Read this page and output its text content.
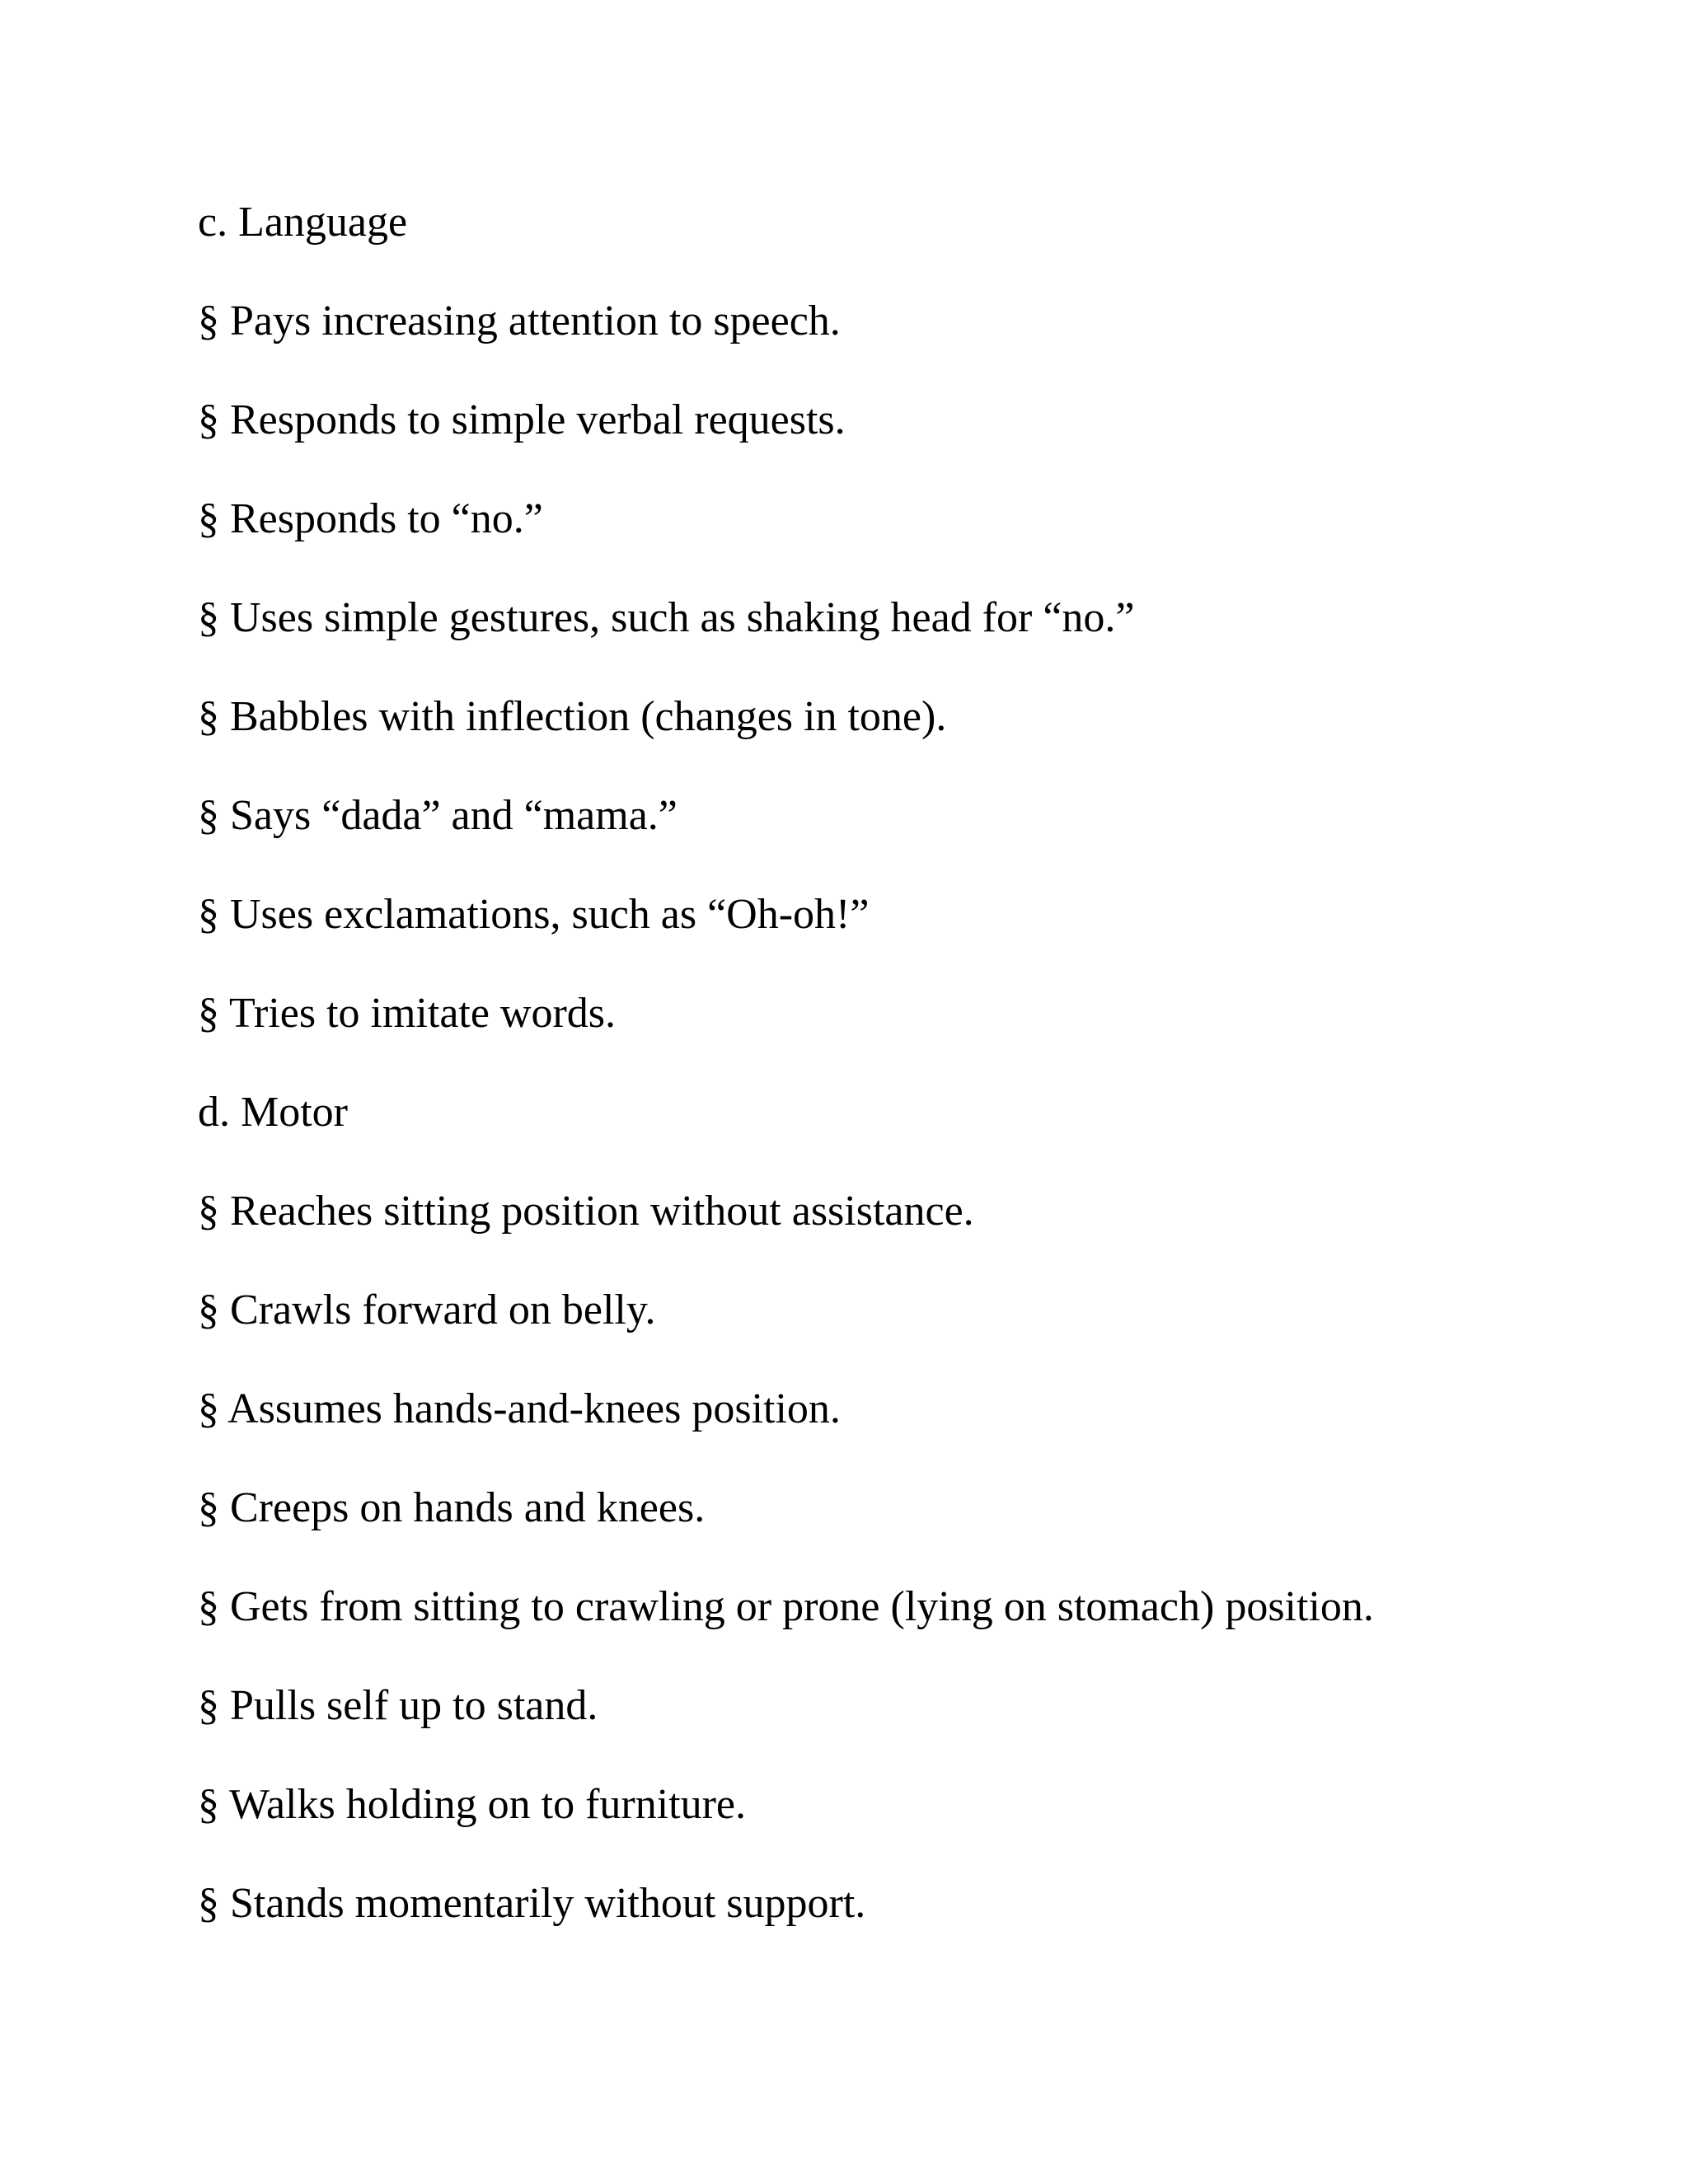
c. Language
§ Pays increasing attention to speech.
§ Responds to simple verbal requests.
§ Responds to “no.”
§ Uses simple gestures, such as shaking head for “no.”
§ Babbles with inflection (changes in tone).
§ Says “dada” and “mama.”
§ Uses exclamations, such as “Oh-oh!”
§ Tries to imitate words.
d. Motor
§ Reaches sitting position without assistance.
§ Crawls forward on belly.
§ Assumes hands-and-knees position.
§ Creeps on hands and knees.
§ Gets from sitting to crawling or prone (lying on stomach) position.
§ Pulls self up to stand.
§ Walks holding on to furniture.
§ Stands momentarily without support.
